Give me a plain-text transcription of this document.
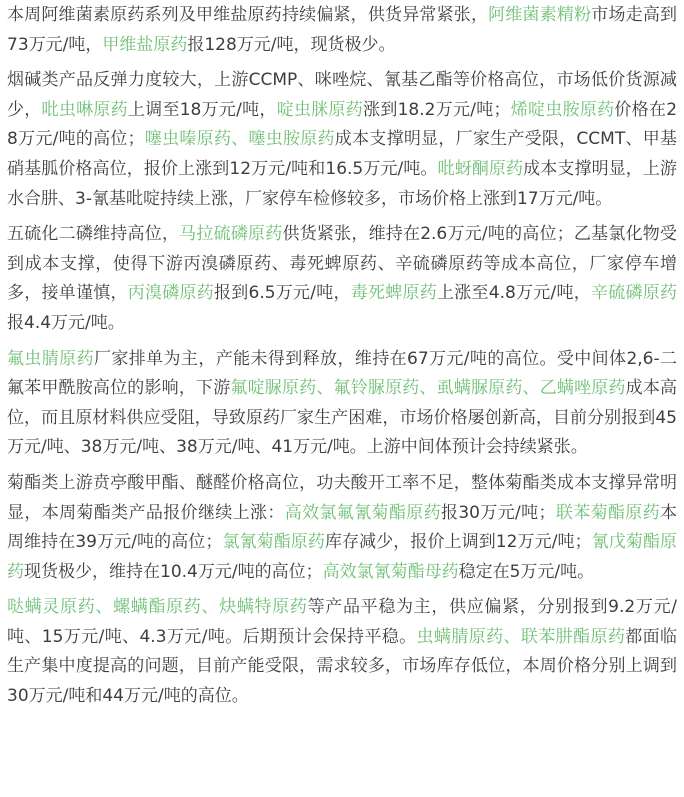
本周阿维菌素原药系列及甲维盐原药持续偏紧，供货异常紧张，阿维菌素精粉市场走高到73万元/吨，甲维盐原药报128万元/吨，现货极少。

烟碱类产品反弹力度较大，上游CCMP、咪唑烷、氰基乙酯等价格高位，市场低价货源减少，吡虫啉原药上调至18万元/吨，啶虫脒原药涨到18.2万元/吨；烯啶虫胺原药价格在28万元/吨的高位；噻虫嗪原药、噻虫胺原药成本支撑明显，厂家生产受限，CCMT、甲基硝基胍价格高位，报价上涨到12万元/吨和16.5万元/吨。吡蚜酮原药成本支撑明显，上游水合肼、3-氰基吡啶持续上涨，厂家停车检修较多，市场价格上涨到17万元/吨。

五硫化二磷维持高位，马拉硫磷原药供货紧张，维持在2.6万元/吨的高位；乙基氯化物受到成本支撑，使得下游丙溴磷原药、毒死蜱原药、辛硫磷原药等成本高位，厂家停车增多，接单谨慎，丙溴磷原药报到6.5万元/吨，毒死蜱原药上涨至4.8万元/吨，辛硫磷原药报4.4万元/吨。

氟虫腈原药厂家排单为主，产能未得到释放，维持在67万元/吨的高位。受中间体2,6-二氟苯甲酰胺高位的影响，下游氟啶脲原药、氟铃脲原药、虱螨脲原药、乙螨唑原药成本高位，而且原材料供应受阻，导致原药厂家生产困难，市场价格屡创新高，目前分别报到45万元/吨、38万元/吨、38万元/吨、41万元/吨。上游中间体预计会持续紧张。

菊酯类上游贲亭酸甲酯、醚醛价格高位，功夫酸开工率不足，整体菊酯类成本支撑异常明显，本周菊酯类产品报价继续上涨：高效氯氟氰菊酯原药报30万元/吨；联苯菊酯原药本周维持在39万元/吨的高位；氯氰菊酯原药库存减少，报价上调到12万元/吨；氰戊菊酯原药现货极少，维持在10.4万元/吨的高位；高效氯氰菊酯母药稳定在5万元/吨。

哒螨灵原药、螺螨酯原药、炔螨特原药等产品平稳为主，供应偏紧，分别报到9.2万元/吨、15万元/吨、4.3万元/吨。后期预计会保持平稳。虫螨腈原药、联苯肼酯原药都面临生产集中度提高的问题，目前产能受限，需求较多，市场库存低位，本周价格分别上调到30万元/吨和44万元/吨的高位。
